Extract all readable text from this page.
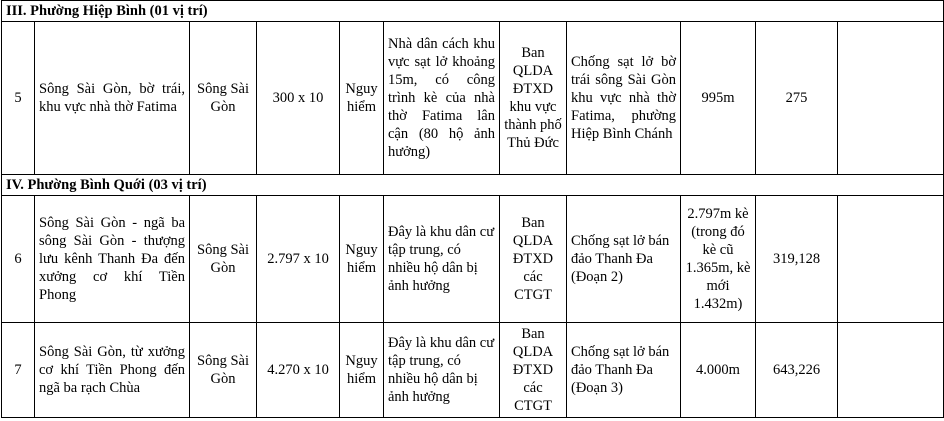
III. Phường Hiệp Bình (01 vị trí)										
5	Sông Sài Gòn, bờ trái, khu vực nhà thờ Fatima	Sông Sài Gòn	300 x 10	Nguy hiểm	Nhà dân cách khu vực sạt lở khoảng 15m, có công trình kè của nhà thờ Fatima lân cận (80 hộ ảnh hưởng)	Ban QLDA ĐTXD khu vực thành phố Thủ Đức	Chống sạt lở bờ trái sông Sài Gòn khu vực nhà thờ Fatima, phường Hiệp Bình Chánh	995m	275	
IV. Phường Bình Quới (03 vị trí)										
6	Sông Sài Gòn - ngã ba sông Sài Gòn - thượng lưu kênh Thanh Đa đến xưởng cơ khí Tiền Phong	Sông Sài Gòn	2.797 x 10	Nguy hiểm	Đây là khu dân cư tập trung, có nhiều hộ dân bị ảnh hưởng	Ban QLDA ĐTXD các CTGT	Chống sạt lở bán đảo Thanh Đa (Đoạn 2)	2.797m kè (trong đó kè cũ 1.365m, kè mới 1.432m)	319,128	
7	Sông Sài Gòn, từ xưởng cơ khí Tiền Phong đến ngã ba rạch Chùa	Sông Sài Gòn	4.270 x 10	Nguy hiểm	Đây là khu dân cư tập trung, có nhiều hộ dân bị ảnh hưởng	Ban QLDA ĐTXD các CTGT	Chống sạt lở bán đảo Thanh Đa (Đoạn 3)	4.000m	643,226	
